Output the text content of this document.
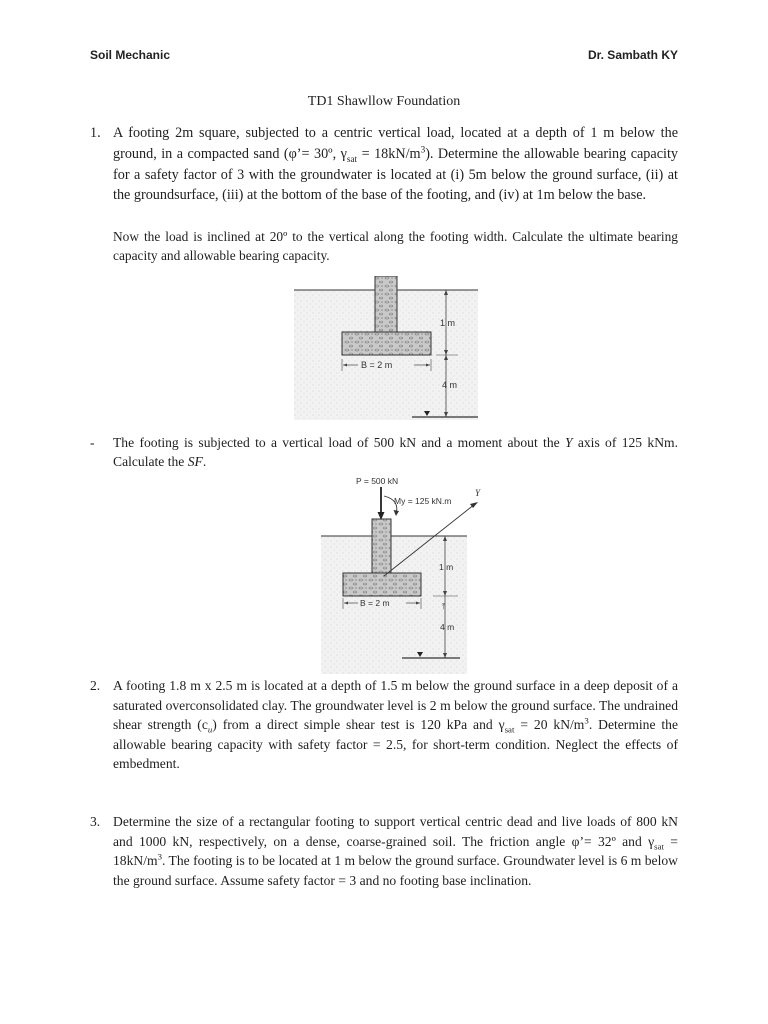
Soil Mechanic	Dr. Sambath KY
TD1 Shawllow Foundation
1. A footing 2m square, subjected to a centric vertical load, located at a depth of 1 m below the ground, in a compacted sand (φ’= 30º, $\gamma_{sat} = 18kN/m^3$). Determine the allowable bearing capacity for a safety factor of 3 with the groundwater is located at (i) 5m below the ground surface, (ii) at the groundsurface, (iii) at the bottom of the base of the footing, and (iv) at 1m below the base.
Now the load is inclined at 20º to the vertical along the footing width. Calculate the ultimate bearing capacity and allowable bearing capacity.
1 m
4 m
B = 2 m
- The footing is subjected to a vertical load of 500 kN and a moment about the Y axis of 125 kNm. Calculate the SF.
P = 500 kN
My = 125 kN.m
Y
⤒
1 m
4 m
B = 2 m
2. A footing 1.8 m x 2.5 m is located at a depth of 1.5 m below the ground surface in a deep deposit of a saturated overconsolidated clay. The groundwater level is 2 m below the ground surface. The undrained shear strength $(c_u)$ from a direct simple shear test is 120 kPa and $\gamma_{sat} = 20$ $kN/m^3$. Determine the allowable bearing capacity with safety factor = 2.5, for short-term condition. Neglect the effects of embedment.
3. Determine the size of a rectangular footing to support vertical centric dead and live loads of 800 kN and 1000 kN, respectively, on a dense, coarse-grained soil. The friction angle φ’= 32º and $\gamma_{sat} = 18kN/m^3$. The footing is to be located at 1 m below the ground surface. Groundwater level is 6 m below the ground surface. Assume safety factor = 3 and no footing base inclination.
